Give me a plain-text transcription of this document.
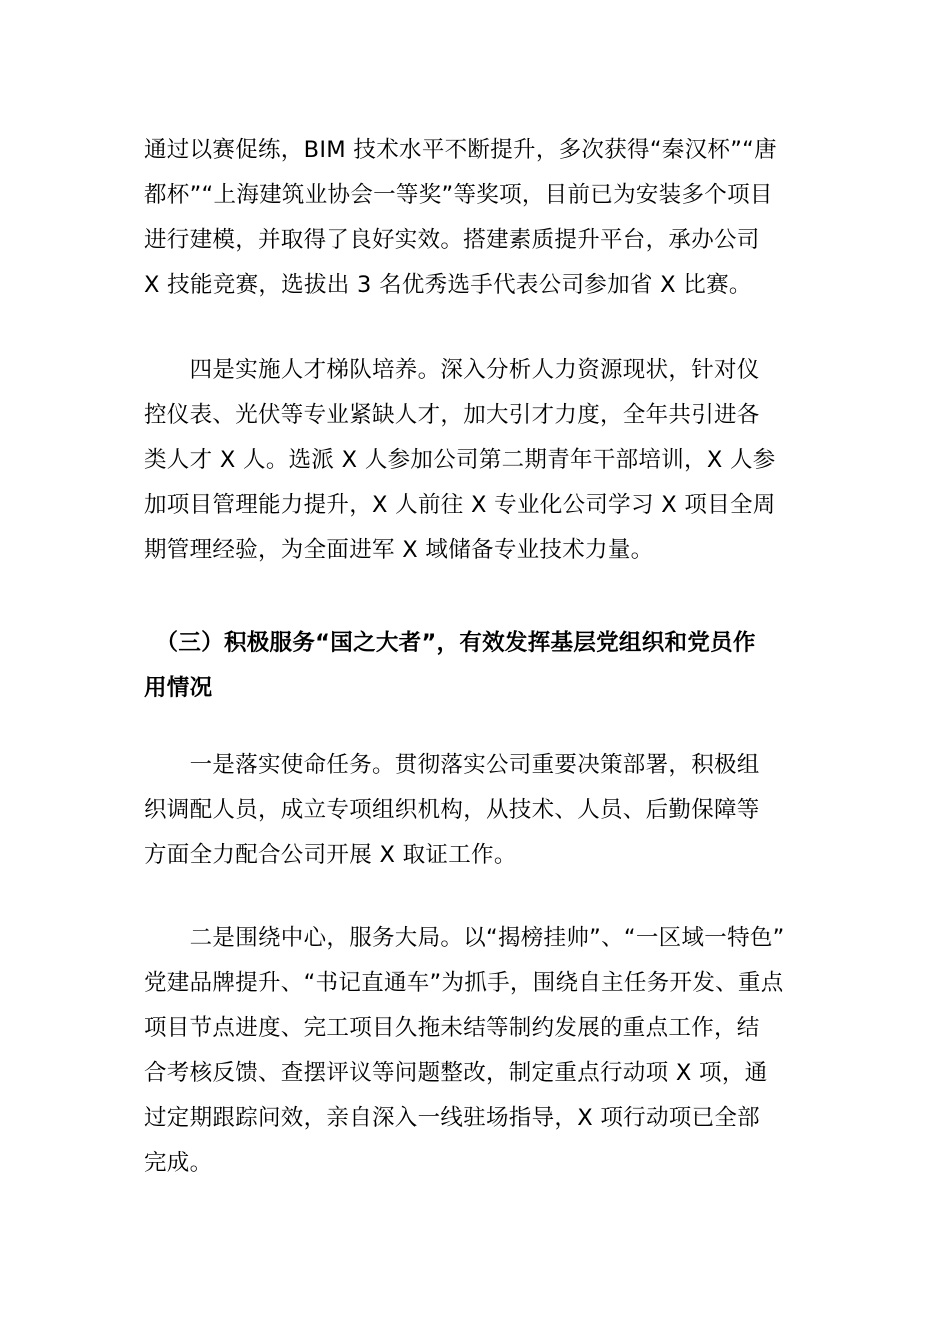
通过以赛促练，BIM 技术水平不断提升，多次获得“秦汉杯”“唐
都杯”“上海建筑业协会一等奖”等奖项，目前已为安装多个项目
进行建模，并取得了良好实效。搭建素质提升平台，承办公司
X 技能竞赛，选拔出 3 名优秀选手代表公司参加省 X 比赛。
　　四是实施人才梯队培养。深入分析人力资源现状，针对仪
控仪表、光伏等专业紧缺人才，加大引才力度，全年共引进各
类人才 X 人。选派 X 人参加公司第二期青年干部培训，X 人参
加项目管理能力提升，X 人前往 X 专业化公司学习 X 项目全周
期管理经验，为全面进军 X 域储备专业技术力量。
　（三）积极服务“国之大者”，有效发挥基层党组织和党员作
用情况
　　一是落实使命任务。贯彻落实公司重要决策部署，积极组
织调配人员，成立专项组织机构，从技术、人员、后勤保障等
方面全力配合公司开展 X 取证工作。
　　二是围绕中心，服务大局。以“揭榜挂帅”、“一区域一特色”
党建品牌提升、“书记直通车”为抓手，围绕自主任务开发、重点
项目节点进度、完工项目久拖未结等制约发展的重点工作，结
合考核反馈、查摆评议等问题整改，制定重点行动项 X 项，通
过定期跟踪问效，亲自深入一线驻场指导，X 项行动项已全部
完成。
